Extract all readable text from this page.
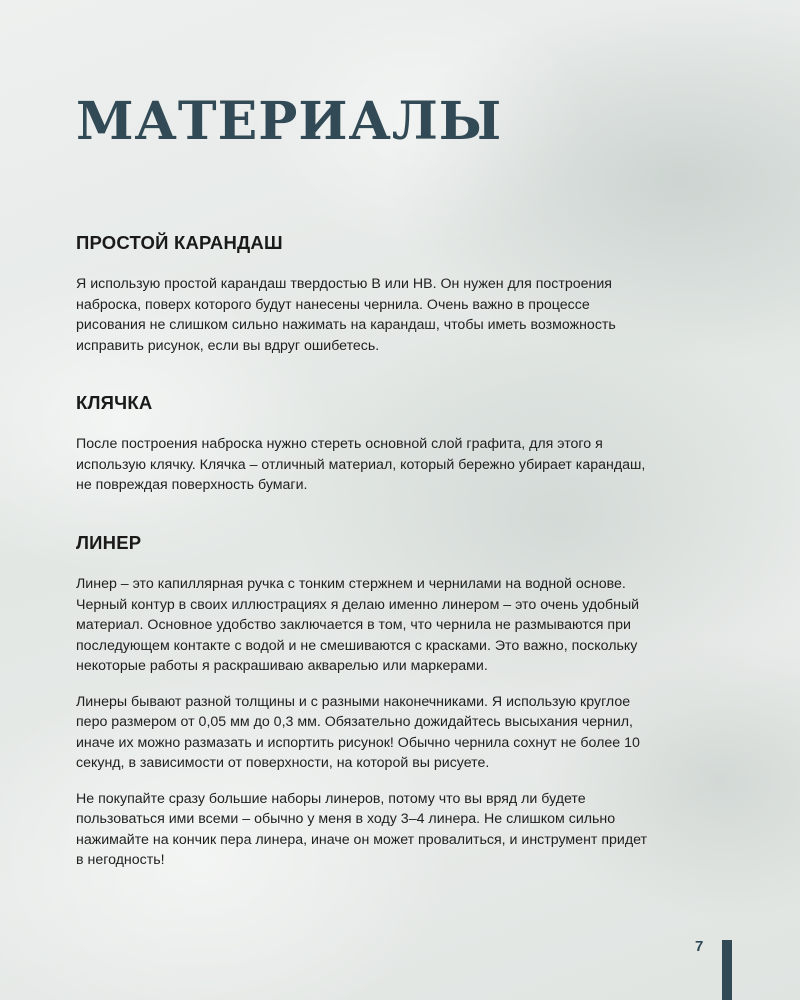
МАТЕРИАЛЫ
ПРОСТОЙ КАРАНДАШ

Я использую простой карандаш твердостью В или НВ. Он нужен для построения наброска, поверх которого будут нанесены чернила. Очень важно в процессе рисования не слишком сильно нажимать на карандаш, чтобы иметь возможность исправить рисунок, если вы вдруг ошибетесь.

КЛЯЧКА

После построения наброска нужно стереть основной слой графита, для этого я использую клячку. Клячка – отличный материал, который бережно убирает карандаш, не повреждая поверхность бумаги.

ЛИНЕР

Линер – это капиллярная ручка с тонким стержнем и чернилами на водной основе. Черный контур в своих иллюстрациях я делаю именно линером – это очень удобный материал. Основное удобство заключается в том, что чернила не размываются при последующем контакте с водой и не смешиваются с красками. Это важно, поскольку некоторые работы я раскрашиваю акварелью или маркерами.

Линеры бывают разной толщины и с разными наконечниками. Я использую круглое перо размером от 0,05 мм до 0,3 мм. Обязательно дожидайтесь высыхания чернил, иначе их можно размазать и испортить рисунок! Обычно чернила сохнут не более 10 секунд, в зависимости от поверхности, на которой вы рисуете.

Не покупайте сразу большие наборы линеров, потому что вы вряд ли будете пользоваться ими всеми – обычно у меня в ходу 3–4 линера. Не слишком сильно нажимайте на кончик пера линера, иначе он может провалиться, и инструмент придет в негодность!

7
